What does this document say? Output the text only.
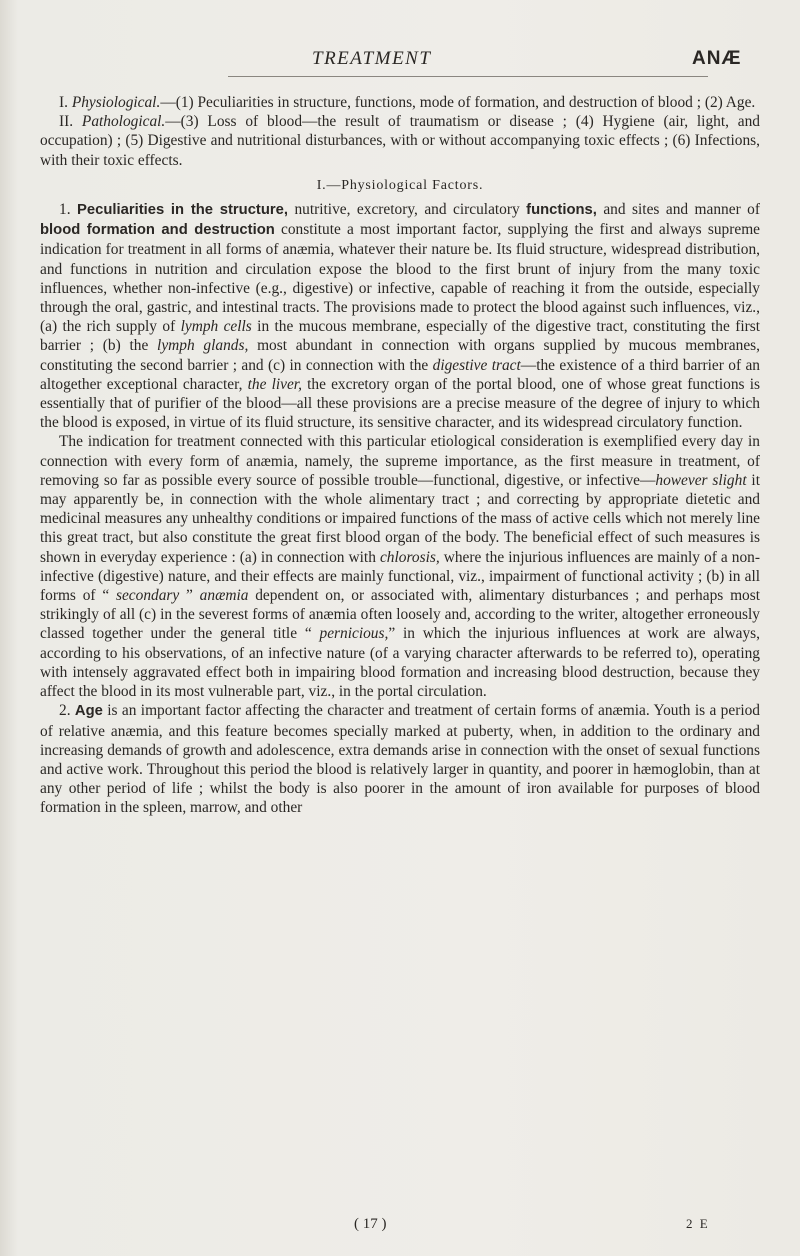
TREATMENT	ANÆ

I. Physiological.—(1) Peculiarities in structure, functions, mode of formation, and destruction of blood ; (2) Age.

II. Pathological.—(3) Loss of blood—the result of traumatism or disease ; (4) Hygiene (air, light, and occupation) ; (5) Digestive and nutritional disturbances, with or without accompanying toxic effects ; (6) Infections, with their toxic effects.

I.—Physiological Factors.

1. Peculiarities in the structure, nutritive, excretory, and circulatory functions, and sites and manner of blood formation and destruction constitute a most important factor, supplying the first and always supreme indication for treatment in all forms of anæmia, whatever their nature be. Its fluid structure, widespread distribution, and functions in nutrition and circulation expose the blood to the first brunt of injury from the many toxic influences, whether non-infective (e.g., digestive) or infective, capable of reaching it from the outside, especially through the oral, gastric, and intestinal tracts. The provisions made to protect the blood against such influences, viz., (a) the rich supply of lymph cells in the mucous membrane, especially of the digestive tract, constituting the first barrier ; (b) the lymph glands, most abundant in connection with organs supplied by mucous membranes, constituting the second barrier ; and (c) in connection with the digestive tract—the existence of a third barrier of an altogether exceptional character, the liver, the excretory organ of the portal blood, one of whose great functions is essentially that of purifier of the blood—all these provisions are a precise measure of the degree of injury to which the blood is exposed, in virtue of its fluid structure, its sensitive character, and its widespread circulatory function.

The indication for treatment connected with this particular etiological consideration is exemplified every day in connection with every form of anæmia, namely, the supreme importance, as the first measure in treatment, of removing so far as possible every source of possible trouble—functional, digestive, or infective—however slight it may apparently be, in connection with the whole alimentary tract ; and correcting by appropriate dietetic and medicinal measures any unhealthy conditions or impaired functions of the mass of active cells which not merely line this great tract, but also constitute the great first blood organ of the body. The beneficial effect of such measures is shown in everyday experience : (a) in connection with chlorosis, where the injurious influences are mainly of a non-infective (digestive) nature, and their effects are mainly functional, viz., impairment of functional activity ; (b) in all forms of “ secondary ” anæmia dependent on, or associated with, alimentary disturbances ; and perhaps most strikingly of all (c) in the severest forms of anæmia often loosely and, according to the writer, altogether erroneously classed together under the general title “ pernicious,” in which the injurious influences at work are always, according to his observations, of an infective nature (of a varying character afterwards to be referred to), operating with intensely aggravated effect both in impairing blood formation and increasing blood destruction, because they affect the blood in its most vulnerable part, viz., in the portal circulation.

2. Age is an important factor affecting the character and treatment of certain forms of anæmia. Youth is a period of relative anæmia, and this feature becomes specially marked at puberty, when, in addition to the ordinary and increasing demands of growth and adolescence, extra demands arise in connection with the onset of sexual functions and active work. Throughout this period the blood is relatively larger in quantity, and poorer in hæmoglobin, than at any other period of life ; whilst the body is also poorer in the amount of iron available for purposes of blood formation in the spleen, marrow, and other

( 17 )	2 E
